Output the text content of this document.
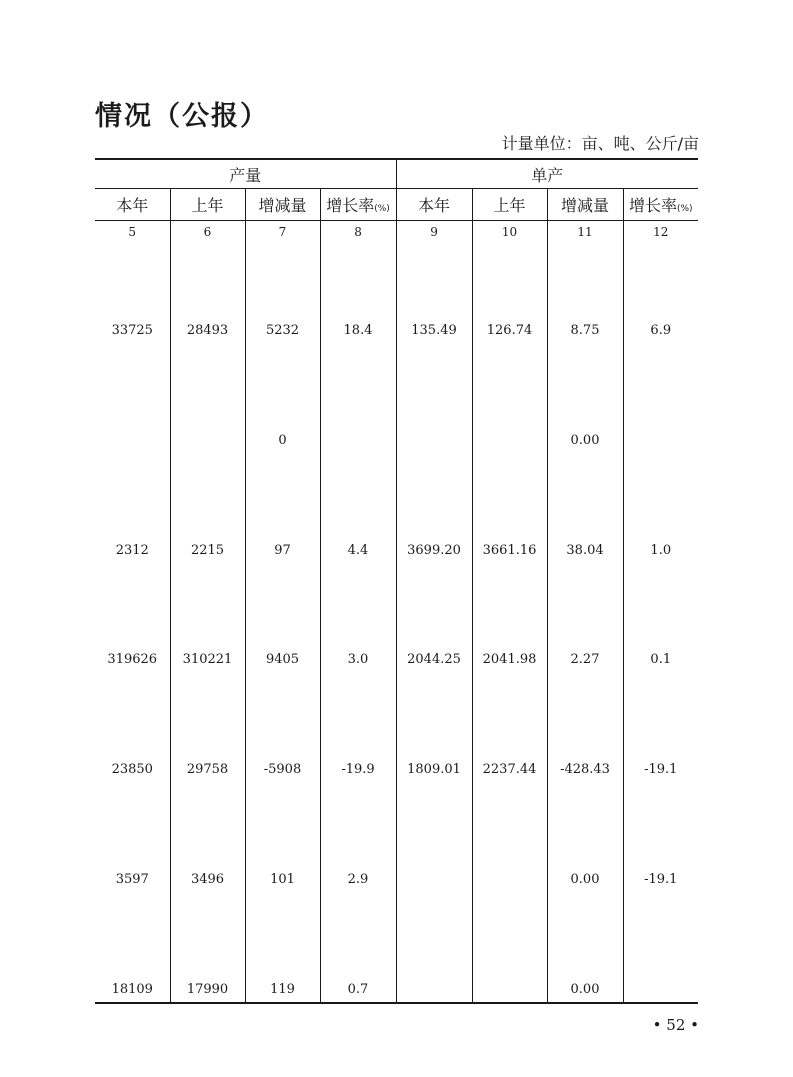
情况（公报）
计量单位：亩、吨、公斤/亩
产量				单产			
本年	上年	增减量	增长率(%)	本年	上年	增减量	增长率(%)
5	6	7	8	9	10	11	12
33725	28493	5232	18.4	135.49	126.74	8.75	6.9
		0				0.00	
2312	2215	97	4.4	3699.20	3661.16	38.04	1.0
319626	310221	9405	3.0	2044.25	2041.98	2.27	0.1
23850	29758	-5908	-19.9	1809.01	2237.44	-428.43	-19.1
3597	3496	101	2.9			0.00	-19.1
18109	17990	119	0.7			0.00	
• 52 •
